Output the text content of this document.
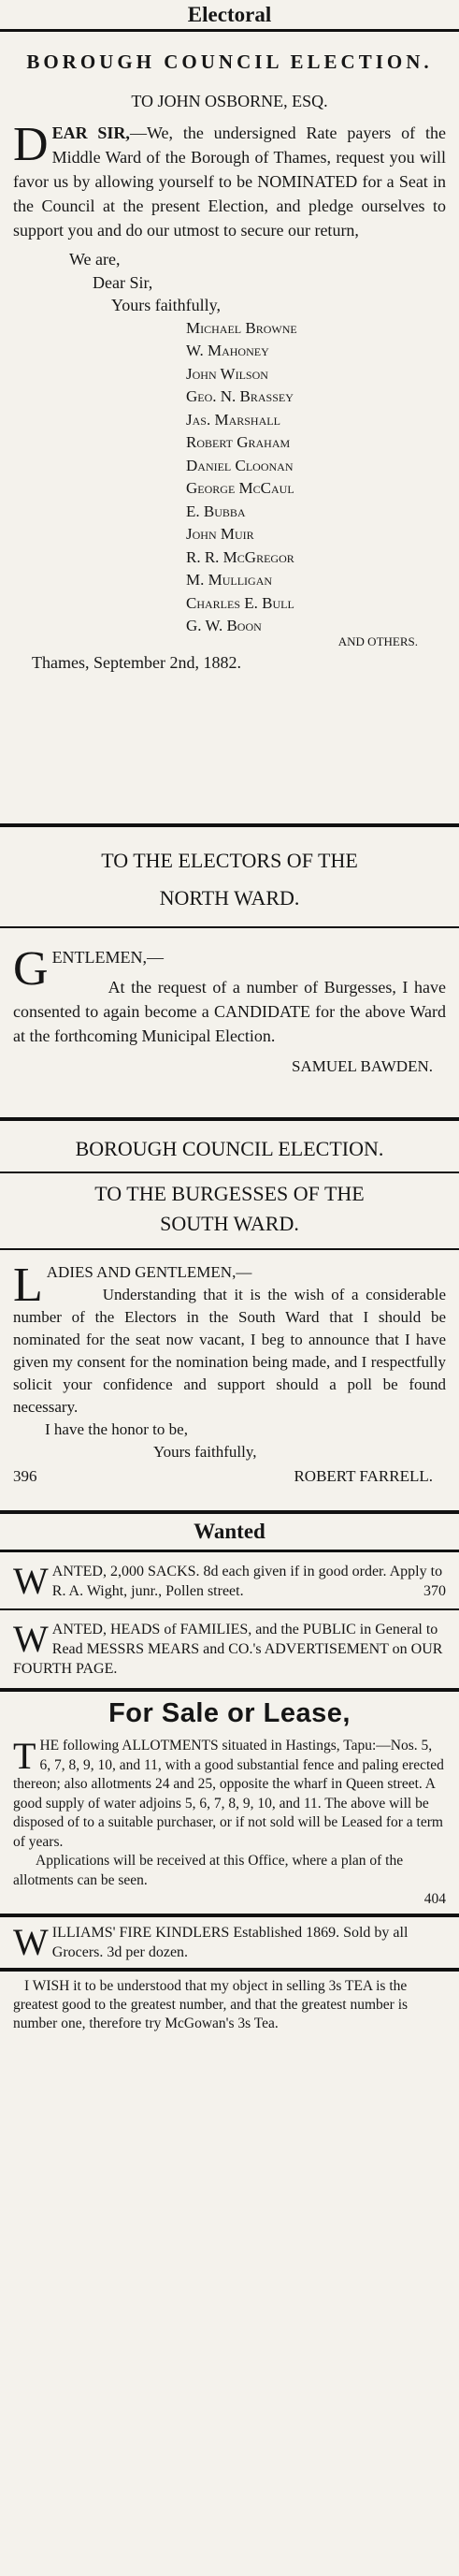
Electoral
BOROUGH COUNCIL ELECTION.
TO JOHN OSBORNE, ESQ.
DEAR SIR,—We, the undersigned Rate payers of the Middle Ward of the Borough of Thames, request you will favor us by allowing yourself to be NOMINATED for a Seat in the Council at the present Election, and pledge ourselves to support you and do our utmost to secure our return,
We are,
Dear Sir,
Yours faithfully,
Michael Browne
W. Mahoney
John Wilson
Geo. N. Brassey
Jas. Marshall
Robert Graham
Daniel Cloonan
George McCaul
E. Bubba
John Muir
R. R. McGregor
M. Mulligan
Charles E. Bull
G. W. Boon
AND OTHERS.
Thames, September 2nd, 1882.
TO THE ELECTORS OF THE
NORTH WARD.
GENTLEMEN,—

At the request of a number of Burgesses, I have consented to again become a CANDIDATE for the above Ward at the forthcoming Municipal Election.
SAMUEL BAWDEN.
BOROUGH COUNCIL ELECTION.
TO THE BURGESSES OF THE
SOUTH WARD.
LADIES AND GENTLEMEN,—

Understanding that it is the wish of a considerable number of the Electors in the South Ward that I should be nominated for the seat now vacant, I beg to announce that I have given my consent for the nomination being made, and I respectfully solicit your confidence and support should a poll be found necessary.
I have the honor to be,
Yours faithfully,
396	ROBERT FARRELL.
Wanted
WANTED, 2,000 SACKS. 8d each given if in good order. Apply to R. A. Wight, junr., Pollen street.	370
WANTED, HEADS of FAMILIES, and the PUBLIC in General to Read MESSRS MEARS and CO.'s ADVERTISEMENT on OUR FOURTH PAGE.
For Sale or Lease,
THE following ALLOTMENTS situated in Hastings, Tapu:—Nos. 5, 6, 7, 8, 9, 10, and 11, with a good substantial fence and paling erected thereon; also allotments 24 and 25, opposite the wharf in Queen street. A good supply of water adjoins 5, 6, 7, 8, 9, 10, and 11. The above will be disposed of to a suitable purchaser, or if not sold will be Leased for a term of years.
Applications will be received at this Office, where a plan of the allotments can be seen.
404
WILLIAMS' FIRE KINDLERS Established 1869. Sold by all Grocers. 3d per dozen.
I WISH it to be understood that my object in selling 3s TEA is the greatest good to the greatest number, and that the greatest number is number one, therefore try McGowan's 3s Tea.
